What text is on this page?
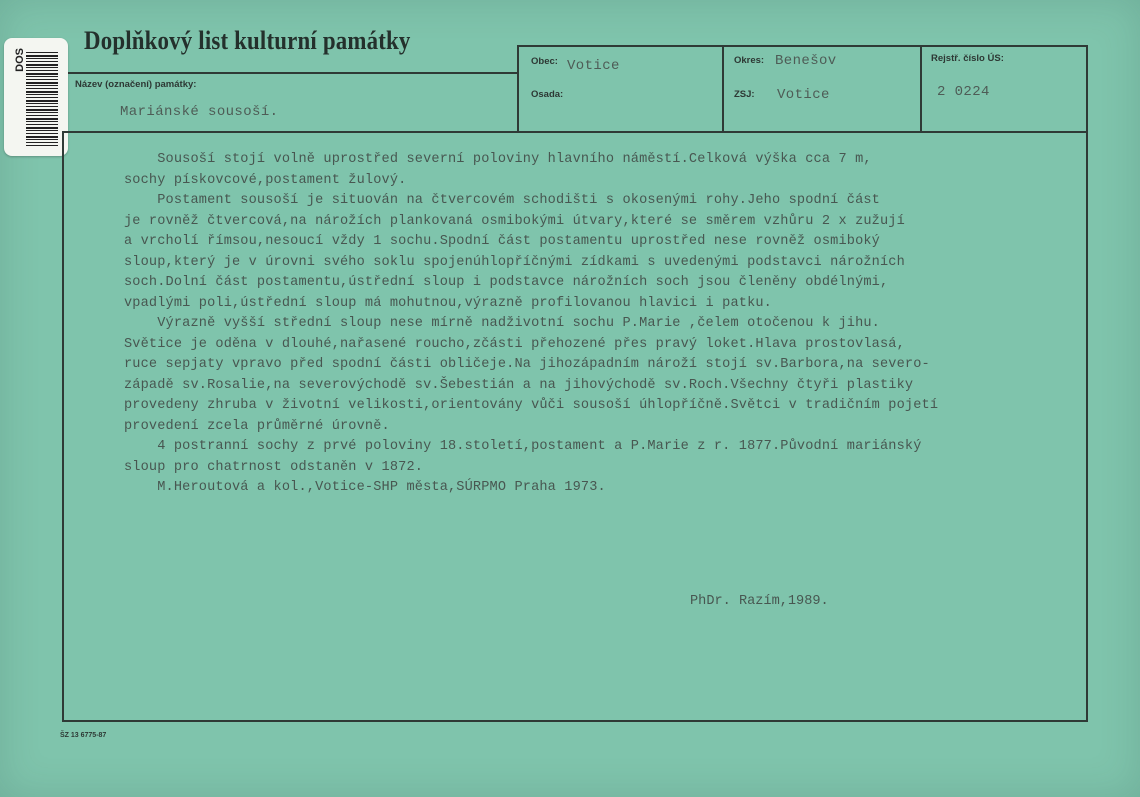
Doplňkový list kulturní památky
DOS
Název (označení) památky:
Mariánské sousoší.
Obec: Votice
Osada:
Okres: Benešov
ZSJ: Votice
Rejstř. číslo ÚS:
2 0224
Sousoší stojí volně uprostřed severní poloviny hlavního náměstí.Celková výška cca 7 m,
sochy pískovcové,postament žulový.
Postament sousoší je situován na čtvercovém schodišti s okosenými rohy.Jeho spodní část
je rovněž čtvercová,na nárožích plankovaná osmibokými útvary,které se směrem vzhůru 2 x zužují
a vrcholí římsou,nesoucí vždy 1 sochu.Spodní část postamentu uprostřed nese rovněž osmiboký
sloup,který je v úrovni svého soklu spojenúhlopříčnými zídkami s uvedenými podstavci nárožních
soch.Dolní část postamentu,ústřední sloup i podstavce nárožních soch jsou členěny obdélnými,
vpadlými poli,ústřední sloup má mohutnou,výrazně profilovanou hlavici i patku.
Výrazně vyšší střední sloup nese mírně nadživotní sochu P.Marie ,čelem otočenou k jihu.
Světice je oděna v dlouhé,nařasené roucho,zčásti přehozené přes pravý loket.Hlava prostovlasá,
ruce sepjaty vpravo před spodní části obličeje.Na jihozápadním nároží stojí sv.Barbora,na severo-
západě sv.Rosalie,na severovýchodě sv.Šebestián a na jihovýchodě sv.Roch.Všechny čtyři plastiky
provedeny zhruba v životní velikosti,orientovány vůči sousoší úhlopříčně.Světci v tradičním pojetí
provedení zcela průměrné úrovně.
4 postranní sochy z prvé poloviny 18.století,postament a P.Marie z r. 1877.Původní mariánský
sloup pro chatrnost odstaněn v 1872.
M.Heroutová a kol.,Votice-SHP města,SÚRPMO Praha 1973.
PhDr. Razím,1989.
ŠZ 13 6775-87
